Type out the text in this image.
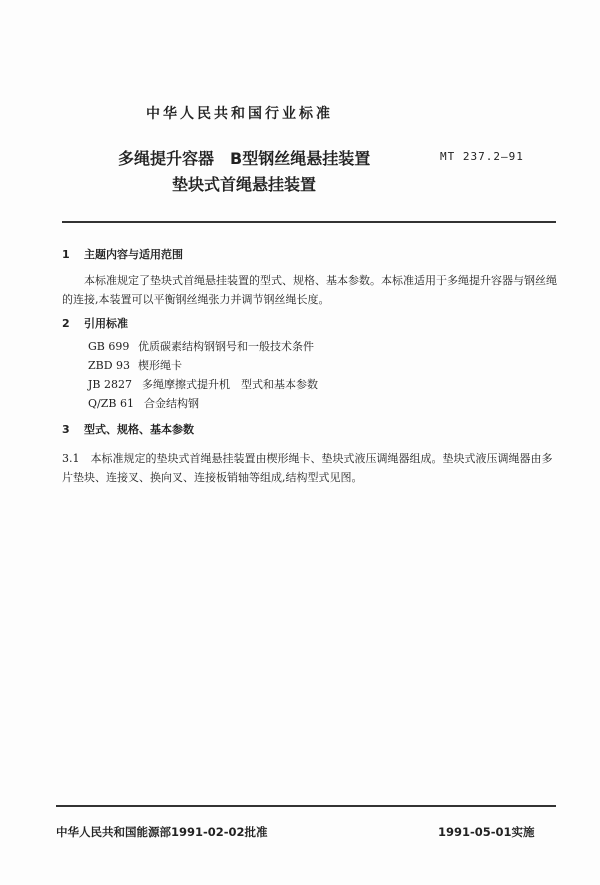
中华人民共和国行业标准
多绳提升容器　B型钢丝绳悬挂装置	MT 237.2—91
垫块式首绳悬挂装置
1 主题内容与适用范围
　　本标准规定了垫块式首绳悬挂装置的型式、规格、基本参数。本标准适用于多绳提升容器与钢丝绳
的连接,本装置可以平衡钢丝绳张力并调节钢丝绳长度。
2 引用标准
GB 699 优质碳素结构钢钢号和一般技术条件
ZBD 93 楔形绳卡
JB 2827 多绳摩擦式提升机　型式和基本参数
Q/ZB 61 合金结构钢
3 型式、规格、基本参数
3.1　本标准规定的垫块式首绳悬挂装置由楔形绳卡、垫块式液压调绳器组成。垫块式液压调绳器由多
片垫块、连接叉、换向叉、连接板销轴等组成,结构型式见图。
中华人民共和国能源部1991-02-02批准	1991-05-01实施
